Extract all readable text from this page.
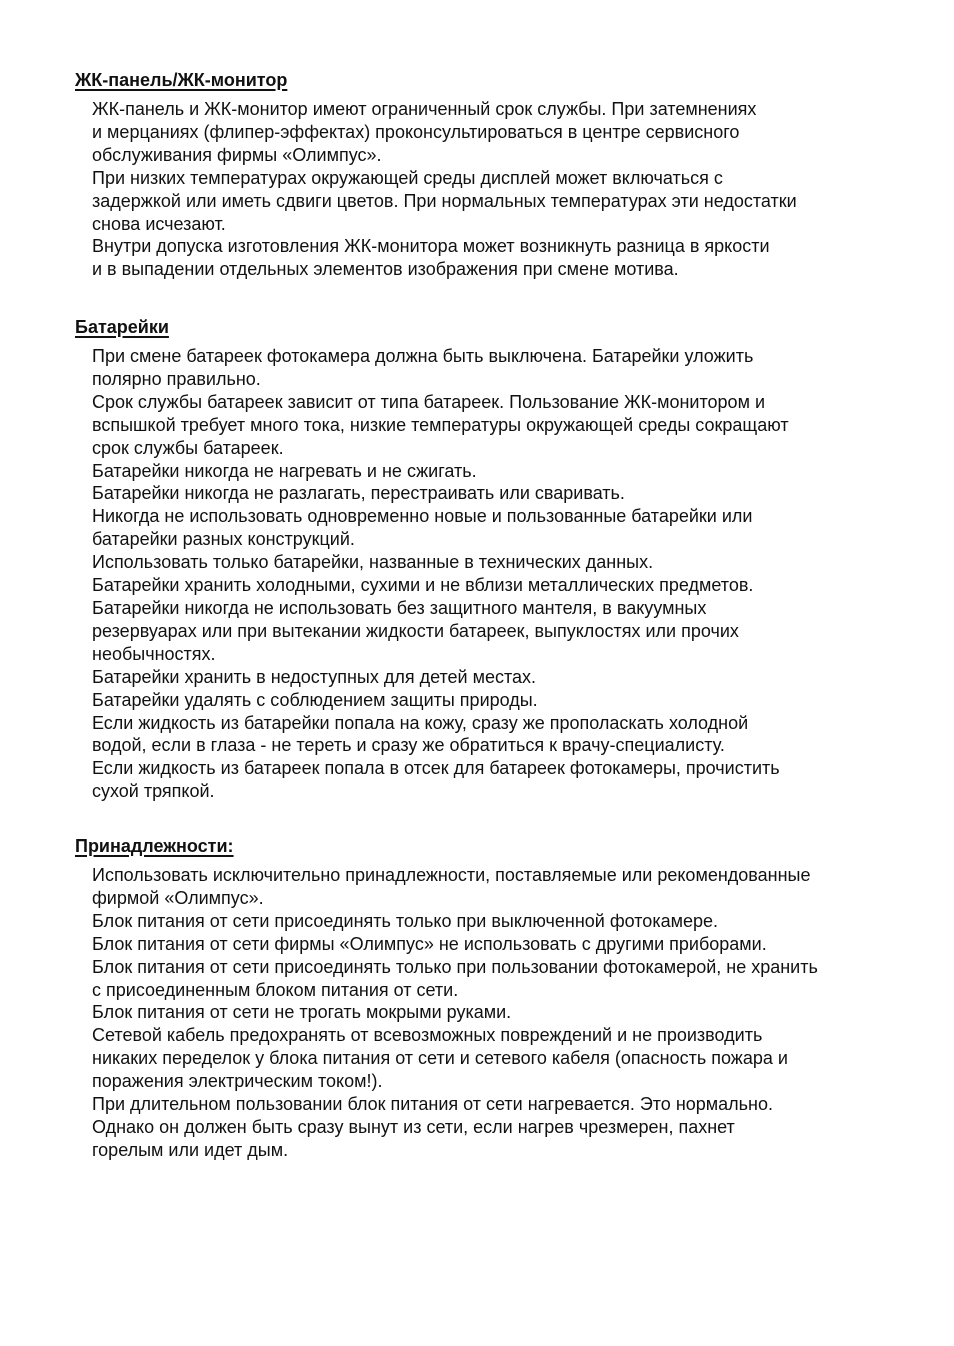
ЖК-панель/ЖК-монитор
ЖК-панель и ЖК-монитор имеют ограниченный срок службы. При затемнениях
и мерцаниях (флипер-эффектах) проконсультироваться в центре сервисного
обслуживания фирмы «Олимпус».
При низких температурах окружающей среды дисплей может включаться с
задержкой или иметь сдвиги цветов. При нормальных температурах эти недостатки
снова исчезают.
Внутри допуска изготовления ЖК-монитора может возникнуть разница в яркости
и в выпадении отдельных элементов изображения при смене мотива.
Батарейки
При смене батареек фотокамера должна быть выключена. Батарейки уложить
полярно правильно.
Срок службы батареек зависит от типа батареек. Пользование ЖК-монитором и
вспышкой требует много тока, низкие температуры окружающей среды сокращают
срок службы батареек.
Батарейки никогда не нагревать и не сжигать.
Батарейки никогда не разлагать, перестраивать или сваривать.
Никогда не использовать одновременно новые и пользованные батарейки или
батарейки разных конструкций.
Использовать только батарейки, названные в технических данных.
Батарейки хранить холодными, сухими и не вблизи металлических предметов.
Батарейки никогда не использовать без защитного мантеля, в вакуумных
резервуарах или при вытекании жидкости батареек, выпуклостях или прочих
необычностях.
Батарейки хранить в недоступных для детей местах.
Батарейки удалять с соблюдением защиты природы.
Если жидкость из батарейки попала на кожу, сразу же прополаскать холодной
водой, если в глаза - не тереть и сразу же обратиться к врачу-специалисту.
Если жидкость из батареек попала в отсек для батареек фотокамеры, прочистить
сухой тряпкой.
Принадлежности:
Использовать исключительно принадлежности, поставляемые или рекомендованные
фирмой «Олимпус».
Блок питания от сети присоединять только при выключенной фотокамере.
Блок питания от сети фирмы «Олимпус» не использовать с другими приборами.
Блок питания от сети присоединять только при пользовании фотокамерой, не хранить
с присоединенным блоком питания от сети.
Блок питания от сети не трогать мокрыми руками.
Сетевой кабель предохранять от всевозможных повреждений и не производить
никаких переделок у блока питания от сети и сетевого кабеля (опасность пожара и
поражения электрическим током!).
При длительном пользовании блок питания от сети нагревается. Это нормально.
Однако он должен быть сразу вынут из сети, если нагрев чрезмерен, пахнет
горелым или идет дым.
